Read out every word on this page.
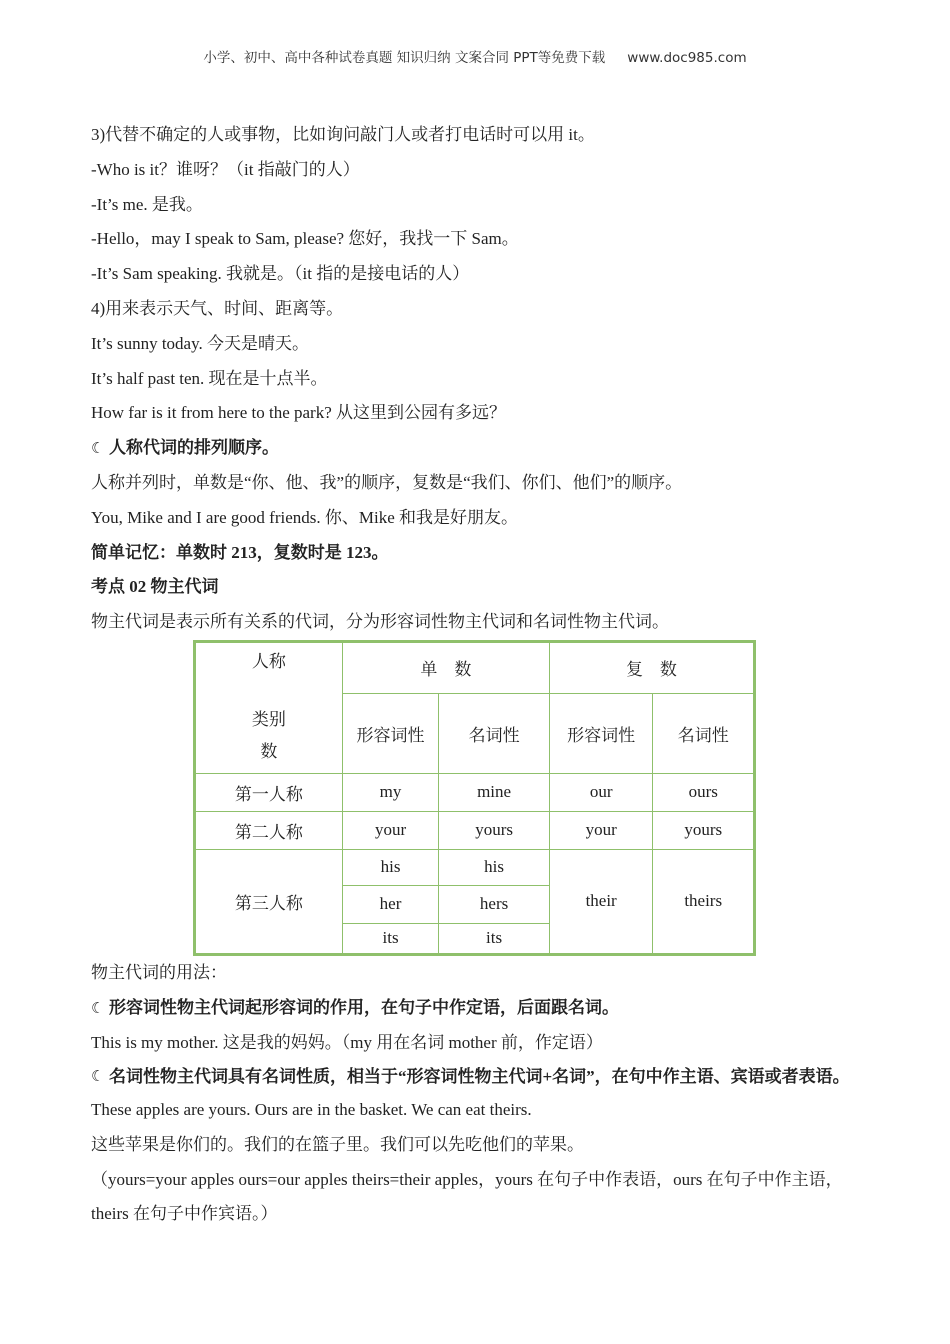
小学、初中、高中各种试卷真题 知识归纳 文案合同 PPT等免费下载 www.doc985.com
3)代替不确定的人或事物，比如询问敲门人或者打电话时可以用 it。
-Who is it？谁呀？（it 指敲门的人）
-It’s me. 是我。
-Hello，may I speak to Sam, please? 您好，我找一下 Sam。
-It’s Sam speaking. 我就是。（it 指的是接电话的人）
4)用来表示天气、时间、距离等。
It’s sunny today. 今天是晴天。
It’s half past ten. 现在是十点半。
How far is it from here to the park? 从这里到公园有多远？
☾ 人称代词的排列顺序。
人称并列时，单数是“你、他、我”的顺序，复数是“我们、你们、他们”的顺序。
You, Mike and I are good friends. 你、Mike 和我是好朋友。
简单记忆：单数时 213，复数时是 123。
考点 02 物主代词
物主代词是表示所有关系的代词，分为形容词性物主代词和名词性物主代词。
人称
类别
数	单　数		复　数	
	形容词性	名词性	形容词性	名词性
第一人称	my	mine	our	ours
第二人称	your	yours	your	yours
第三人称	his	his	their	theirs
	her	hers		
	its	its		
物主代词的用法：
☾ 形容词性物主代词起形容词的作用，在句子中作定语，后面跟名词。
This is my mother. 这是我的妈妈。（my 用在名词 mother 前，作定语）
☾ 名词性物主代词具有名词性质，相当于“形容词性物主代词+名词”，在句中作主语、宾语或者表语。
These apples are yours. Ours are in the basket. We can eat theirs.
这些苹果是你们的。我们的在篮子里。我们可以先吃他们的苹果。
（yours=your apples ours=our apples theirs=their apples，yours 在句子中作表语，ours 在句子中作主语，theirs 在句子中作宾语。）
